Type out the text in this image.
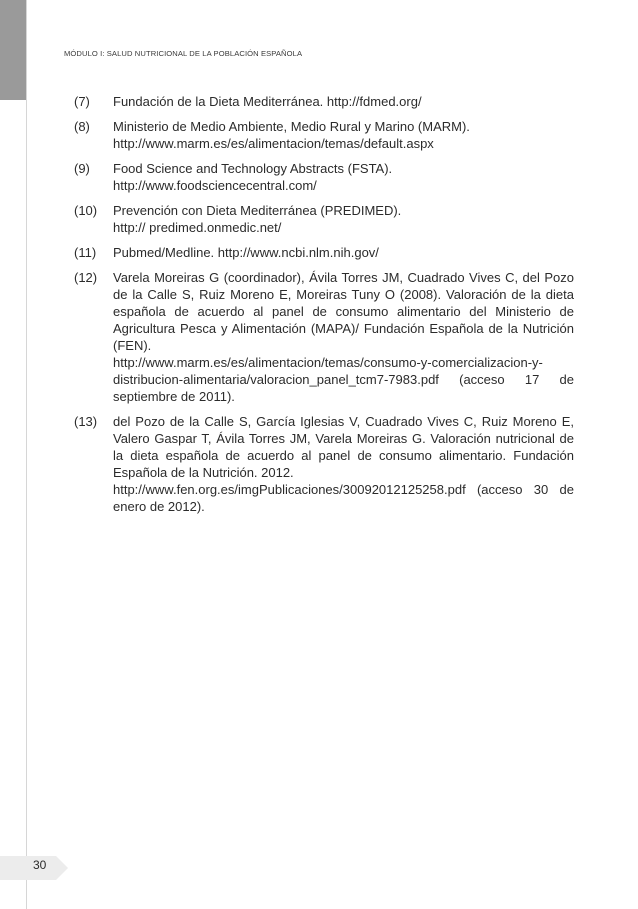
MÓDULO I: SALUD NUTRICIONAL DE LA POBLACIÓN ESPAÑOLA
(7)	Fundación de la Dieta Mediterránea. http://fdmed.org/
(8)	Ministerio de Medio Ambiente, Medio Rural y Marino (MARM).
http://www.marm.es/es/alimentacion/temas/default.aspx
(9)	Food Science and Technology Abstracts (FSTA).
http://www.foodsciencecentral.com/
(10)	Prevención con Dieta Mediterránea (PREDIMED).
http:// predimed.onmedic.net/
(11)	Pubmed/Medline. http://www.ncbi.nlm.nih.gov/
(12)	Varela Moreiras G (coordinador), Ávila Torres JM, Cuadrado Vives C, del Pozo de la Calle S, Ruiz Moreno E, Moreiras Tuny O (2008). Valoración de la dieta española de acuerdo al panel de consumo alimentario del Ministerio de Agricultura Pesca y Alimentación (MAPA)/ Fundación Española de la Nutrición (FEN).
http://www.marm.es/es/alimentacion/temas/consumo-y-comercializacion-y-distribucion-alimentaria/valoracion_panel_tcm7-7983.pdf (acceso 17 de septiembre de 2011).
(13)	del Pozo de la Calle S, García Iglesias V, Cuadrado Vives C, Ruiz Moreno E, Valero Gaspar T, Ávila Torres JM, Varela Moreiras G. Valoración nutricional de la dieta española de acuerdo al panel de consumo alimentario. Fundación Española de la Nutrición. 2012.
http://www.fen.org.es/imgPublicaciones/30092012125258.pdf (acceso 30 de enero de 2012).
30
